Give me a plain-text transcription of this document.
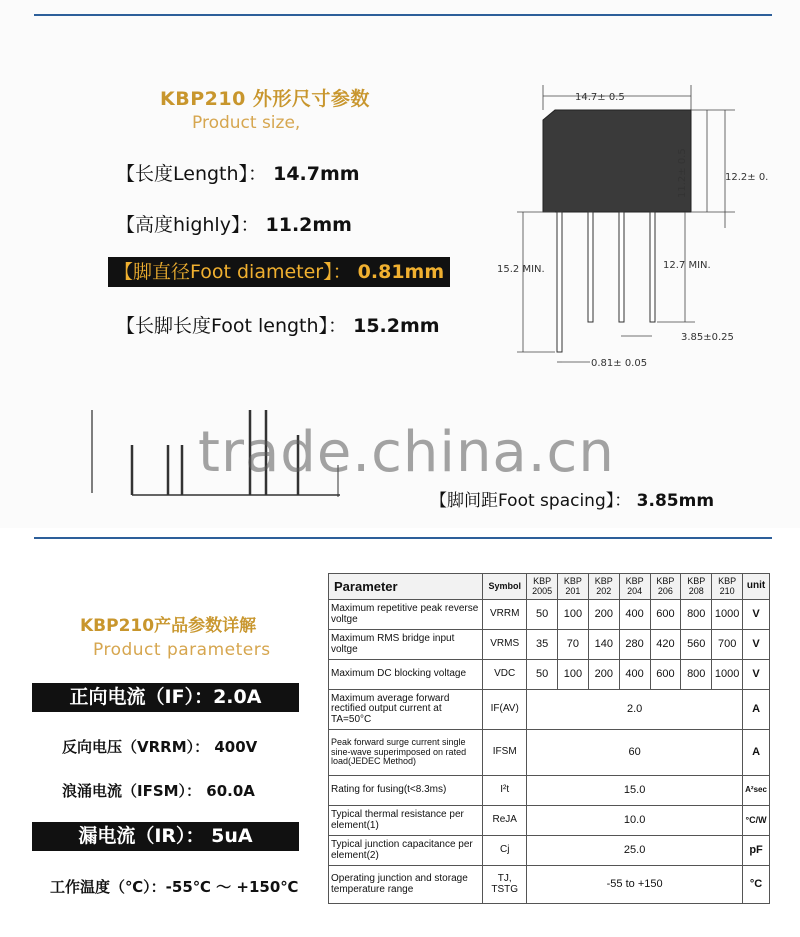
KBP210 外形尺寸参数
Product size,
【长度Length】： 14.7mm
【高度highly】： 11.2mm
【脚直径Foot diameter】： 0.81mm
【长脚长度Foot length】： 15.2mm
14.7± 0.5
11.2± 0.5	12.2± 0.
15.2 MIN.	12.7 MIN.
3.85±0.25
0.81± 0.05
【脚间距Foot spacing】： 3.85mm
trade.china.cn
KBP210产品参数详解
Product parameters
正向电流（IF）：2.0A
反向电压（VRRM）： 400V
浪涌电流（IFSM）： 60.0A
漏电流（IR）： 5uA
工作温度（℃）：-55℃ ～ +150℃
Parameter	Symbol	KBP 2005	KBP 201	KBP 202	KBP 204	KBP 206	KBP 208	KBP 210	unit
Maximum repetitive peak reverse voltge	VRRM	50	100	200	400	600	800	1000	V
Maximum RMS bridge input voltge	VRMS	35	70	140	280	420	560	700	V
Maximum DC blocking voltage	VDC	50	100	200	400	600	800	1000	V
Maximum average forward rectified output current at TA=50°C	IF(AV)	2.0							A
Peak forward surge current single sine-wave superimposed on rated load(JEDEC Method)	IFSM	60							A
Rating for fusing(t<8.3ms)	I²t	15.0							A²sec
Typical thermal resistance per element(1)	ReJA	10.0							°C/W
Typical junction capacitance per element(2)	Cj	25.0							pF
Operating junction and storage temperature range	TJ, TSTG	-55 to +150							°C
